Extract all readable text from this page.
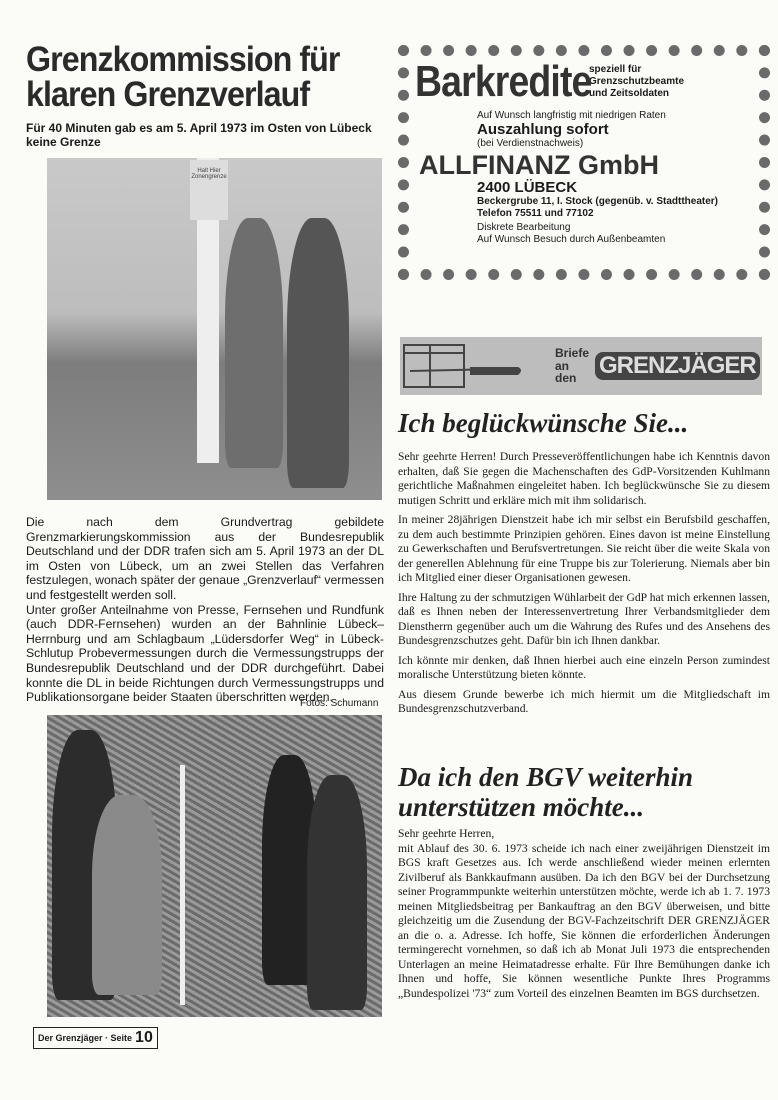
Grenzkommission für klaren Grenzverlauf
Für 40 Minuten gab es am 5. April 1973 im Osten von Lübeck keine Grenze
Halt Hier Zonengrenze

Die nach dem Grundvertrag gebildete Grenzmarkierungskommission aus der Bundesrepublik Deutschland und der DDR trafen sich am 5. April 1973 an der DL im Osten von Lübeck, um an zwei Stellen das Verfahren festzulegen, wonach später der genaue „Grenzverlauf“ vermessen und festgestellt werden soll.

Unter großer Anteilnahme von Presse, Fernsehen und Rundfunk (auch DDR-Fernsehen) wurden an der Bahnlinie Lübeck–Herrnburg und am Schlagbaum „Lüdersdorfer Weg“ in Lübeck-Schlutup Probevermessungen durch die Vermessungstrupps der Bundesrepublik Deutschland und der DDR durchgeführt. Dabei konnte die DL in beide Richtungen durch Vermessungstrupps und Publikationsorgane beider Staaten überschritten werden.

Fotos: Schumann
Der Grenzjäger · Seite 10
Barkredite
speziell für
Grenzschutzbeamte
und Zeitsoldaten
Auf Wunsch langfristig mit niedrigen Raten
Auszahlung sofort
(bei Verdienstnachweis)
ALLFINANZ GmbH
2400 LÜBECK
Beckergrube 11, I. Stock (gegenüb. v. Stadttheater)
Telefon 75511 und 77102
Diskrete Bearbeitung
Auf Wunsch Besuch durch Außenbeamten
Briefe
an
den GRENZJÄGER
Ich beglückwünsche Sie...

Sehr geehrte Herren! Durch Presseveröffentlichungen habe ich Kenntnis davon erhalten, daß Sie gegen die Machenschaften des GdP-Vorsitzenden Kuhlmann gerichtliche Maßnahmen eingeleitet haben. Ich beglückwünsche Sie zu diesem mutigen Schritt und erkläre mich mit ihm solidarisch.

In meiner 28jährigen Dienstzeit habe ich mir selbst ein Berufsbild geschaffen, zu dem auch bestimmte Prinzipien gehören. Eines davon ist meine Einstellung zu Gewerkschaften und Berufsvertretungen. Sie reicht über die weite Skala von der generellen Ablehnung für eine Truppe bis zur Tolerierung. Niemals aber bin ich Mitglied einer dieser Organisationen gewesen.

Ihre Haltung zu der schmutzigen Wühlarbeit der GdP hat mich erkennen lassen, daß es Ihnen neben der Interessenvertretung Ihrer Verbandsmitglieder dem Dienstherrn gegenüber auch um die Wahrung des Rufes und des Ansehens des Bundesgrenzschutzes geht. Dafür bin ich Ihnen dankbar.

Ich könnte mir denken, daß Ihnen hierbei auch eine einzeln Person zumindest moralische Unterstützung bieten könnte.

Aus diesem Grunde bewerbe ich mich hiermit um die Mitgliedschaft im Bundesgrenzschutzverband.

Da ich den BGV weiterhin unterstützen möchte...
Sehr geehrte Herren,
mit Ablauf des 30. 6. 1973 scheide ich nach einer zweijährigen Dienstzeit im BGS kraft Gesetzes aus. Ich werde anschließend wieder meinen erlernten Zivilberuf als Bankkaufmann ausüben. Da ich den BGV bei der Durchsetzung seiner Programmpunkte weiterhin unterstützen möchte, werde ich ab 1. 7. 1973 meinen Mitgliedsbeitrag per Bankauftrag an den BGV überweisen, und bitte gleichzeitig um die Zusendung der BGV-Fachzeitschrift DER GRENZJÄGER an die o. a. Adresse. Ich hoffe, Sie können die erforderlichen Änderungen termingerecht vornehmen, so daß ich ab Monat Juli 1973 die entsprechenden Unterlagen an meine Heimatadresse erhalte. Für Ihre Bemühungen danke ich Ihnen und hoffe, Sie können wesentliche Punkte Ihres Programms „Bundespolizei '73“ zum Vorteil des einzelnen Beamten im BGS durchsetzen.
